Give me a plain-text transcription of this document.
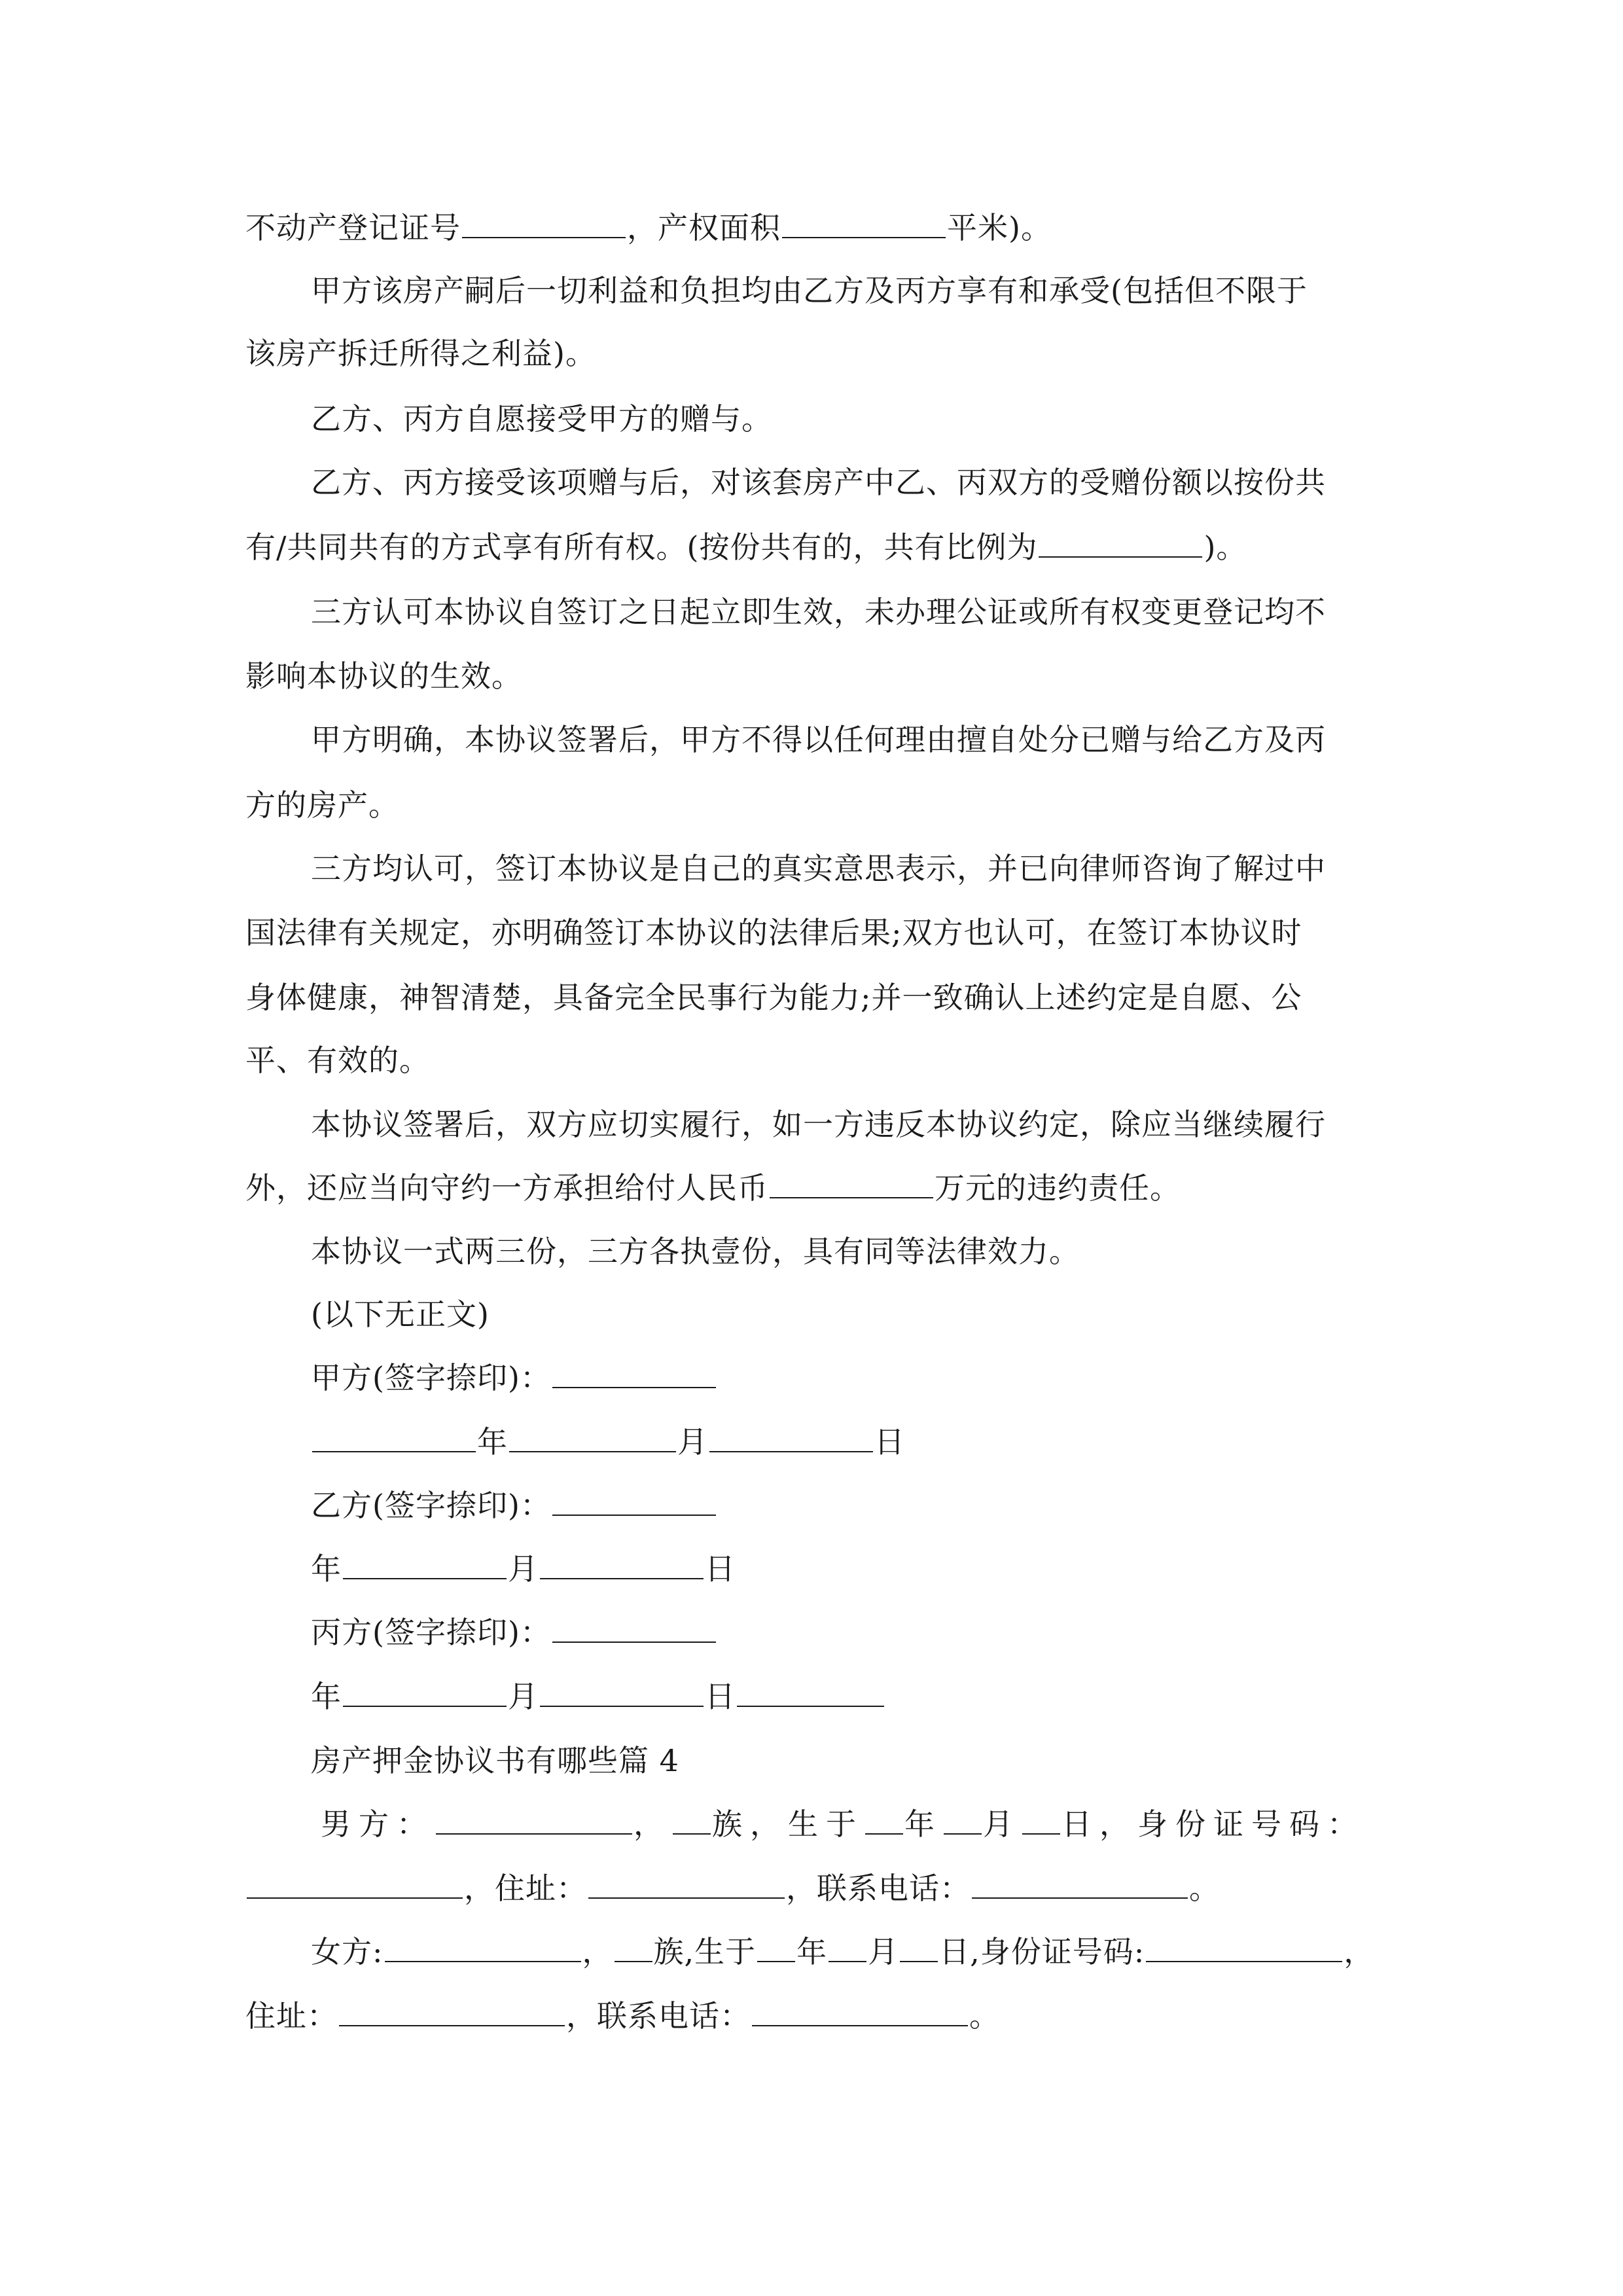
不动产登记证号	，产权面积	平米)。
甲方该房产嗣后一切利益和负担均由乙方及丙方享有和承受(包括但不限于
该房产拆迁所得之利益)。
乙方、丙方自愿接受甲方的赠与。
乙方、丙方接受该项赠与后，对该套房产中乙、丙双方的受赠份额以按份共
有/共同共有的方式享有所有权。(按份共有的，共有比例为	)。
三方认可本协议自签订之日起立即生效，未办理公证或所有权变更登记均不
影响本协议的生效。
甲方明确，本协议签署后，甲方不得以任何理由擅自处分已赠与给乙方及丙
方的房产。
三方均认可，签订本协议是自己的真实意思表示，并已向律师咨询了解过中
国法律有关规定，亦明确签订本协议的法律后果;双方也认可，在签订本协议时
身体健康，神智清楚，具备完全民事行为能力;并一致确认上述约定是自愿、公
平、有效的。
本协议签署后，双方应切实履行，如一方违反本协议约定，除应当继续履行
外，还应当向守约一方承担给付人民币	万元的违约责任。
本协议一式两三份，三方各执壹份，具有同等法律效力。
(以下无正文)
甲方(签字捺印)：
年	月	日
乙方(签字捺印)：
年	月	日
丙方(签字捺印)：
年	月	日
房产押金协议书有哪些篇 4
男方：	， 族，生于 年 月 日，身份证号码：
，住址：	，联系电话：	。
女方:	， 族,生于 年 月 日,身份证号码:	，
住址：	，联系电话：	。
